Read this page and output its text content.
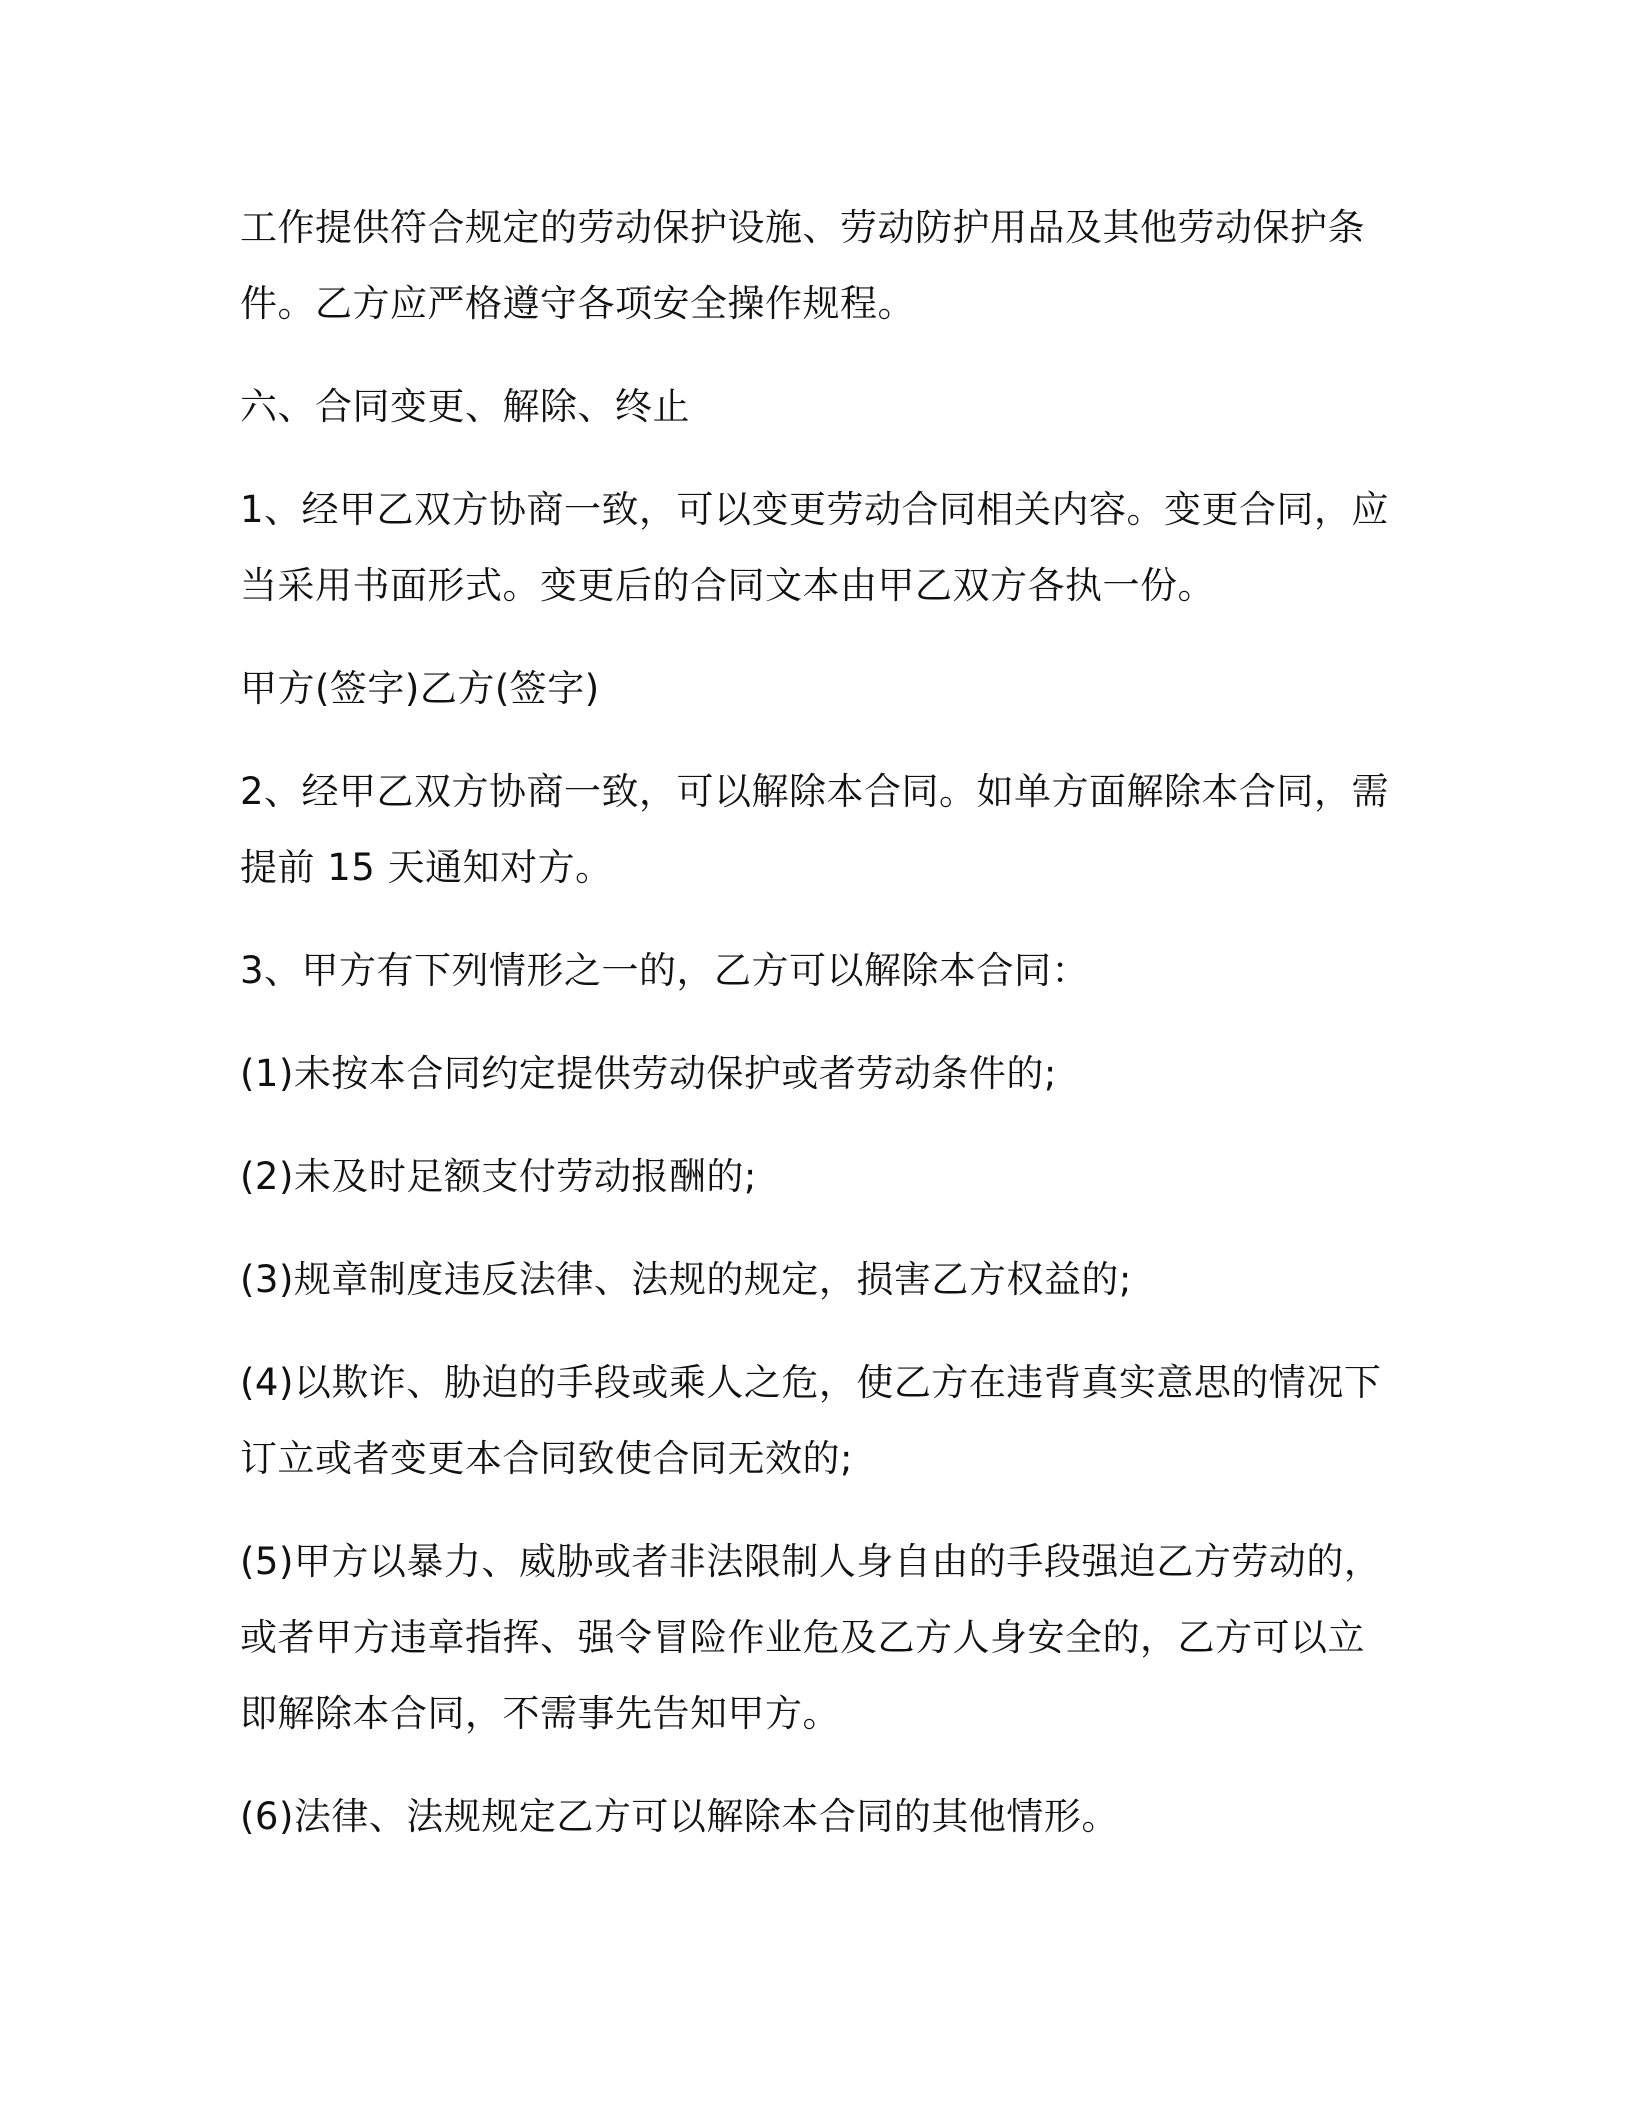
工作提供符合规定的劳动保护设施、劳动防护用品及其他劳动保护条
件。乙方应严格遵守各项安全操作规程。

六、合同变更、解除、终止

1、经甲乙双方协商一致，可以变更劳动合同相关内容。变更合同，应
当采用书面形式。变更后的合同文本由甲乙双方各执一份。

甲方(签字)乙方(签字)

2、经甲乙双方协商一致，可以解除本合同。如单方面解除本合同，需
提前 15 天通知对方。

3、甲方有下列情形之一的，乙方可以解除本合同：

(1)未按本合同约定提供劳动保护或者劳动条件的;

(2)未及时足额支付劳动报酬的;

(3)规章制度违反法律、法规的规定，损害乙方权益的;

(4)以欺诈、胁迫的手段或乘人之危，使乙方在违背真实意思的情况下
订立或者变更本合同致使合同无效的;

(5)甲方以暴力、威胁或者非法限制人身自由的手段强迫乙方劳动的，
或者甲方违章指挥、强令冒险作业危及乙方人身安全的，乙方可以立
即解除本合同，不需事先告知甲方。

(6)法律、法规规定乙方可以解除本合同的其他情形。
